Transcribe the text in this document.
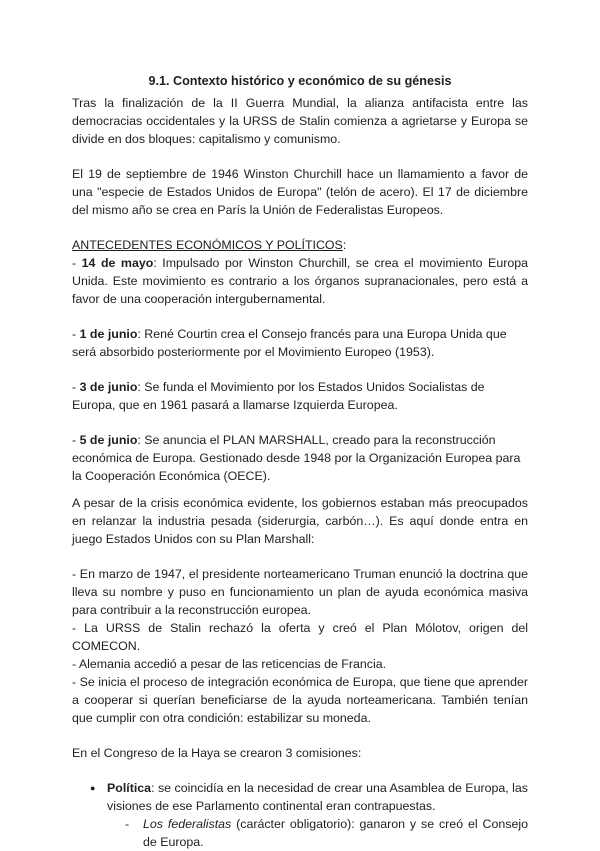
9.1. Contexto histórico y económico de su génesis

Tras la finalización de la II Guerra Mundial, la alianza antifacista entre las democracias occidentales y la URSS de Stalin comienza a agrietarse y Europa se divide en dos bloques: capitalismo y comunismo.

El 19 de septiembre de 1946 Winston Churchill hace un llamamiento a favor de una "especie de Estados Unidos de Europa" (telón de acero). El 17 de diciembre del mismo año se crea en París la Unión de Federalistas Europeos.

ANTECEDENTES ECONÓMICOS Y POLÍTICOS:

- 14 de mayo: Impulsado por Winston Churchill, se crea el movimiento Europa Unida. Este movimiento es contrario a los órganos supranacionales, pero está a favor de una cooperación intergubernamental.

- 1 de junio: René Courtin crea el Consejo francés para una Europa Unida que será absorbido posteriormente por el Movimiento Europeo (1953).

- 3 de junio: Se funda el Movimiento por los Estados Unidos Socialistas de Europa, que en 1961 pasará a llamarse Izquierda Europea.

- 5 de junio: Se anuncia el PLAN MARSHALL, creado para la reconstrucción económica de Europa. Gestionado desde 1948 por la Organización Europea para la Cooperación Económica (OECE).

A pesar de la crisis económica evidente, los gobiernos estaban más preocupados en relanzar la industria pesada (siderurgia, carbón…). Es aquí donde entra en juego Estados Unidos con su Plan Marshall:

- En marzo de 1947, el presidente norteamericano Truman enunció la doctrina que lleva su nombre y puso en funcionamiento un plan de ayuda económica masiva para contribuir a la reconstrucción europea.

- La URSS de Stalin rechazó la oferta y creó el Plan Mólotov, origen del COMECON.

- Alemania accedió a pesar de las reticencias de Francia.

- Se inicia el proceso de integración económica de Europa, que tiene que aprender a cooperar si querían beneficiarse de la ayuda norteamericana. También tenían que cumplir con otra condición: estabilizar su moneda.

En el Congreso de la Haya se crearon 3 comisiones:

● Política: se coincidía en la necesidad de crear una Asamblea de Europa, las visiones de ese Parlamento continental eran contrapuestas.
- Los federalistas (carácter obligatorio): ganaron y se creó el Consejo de Europa.
